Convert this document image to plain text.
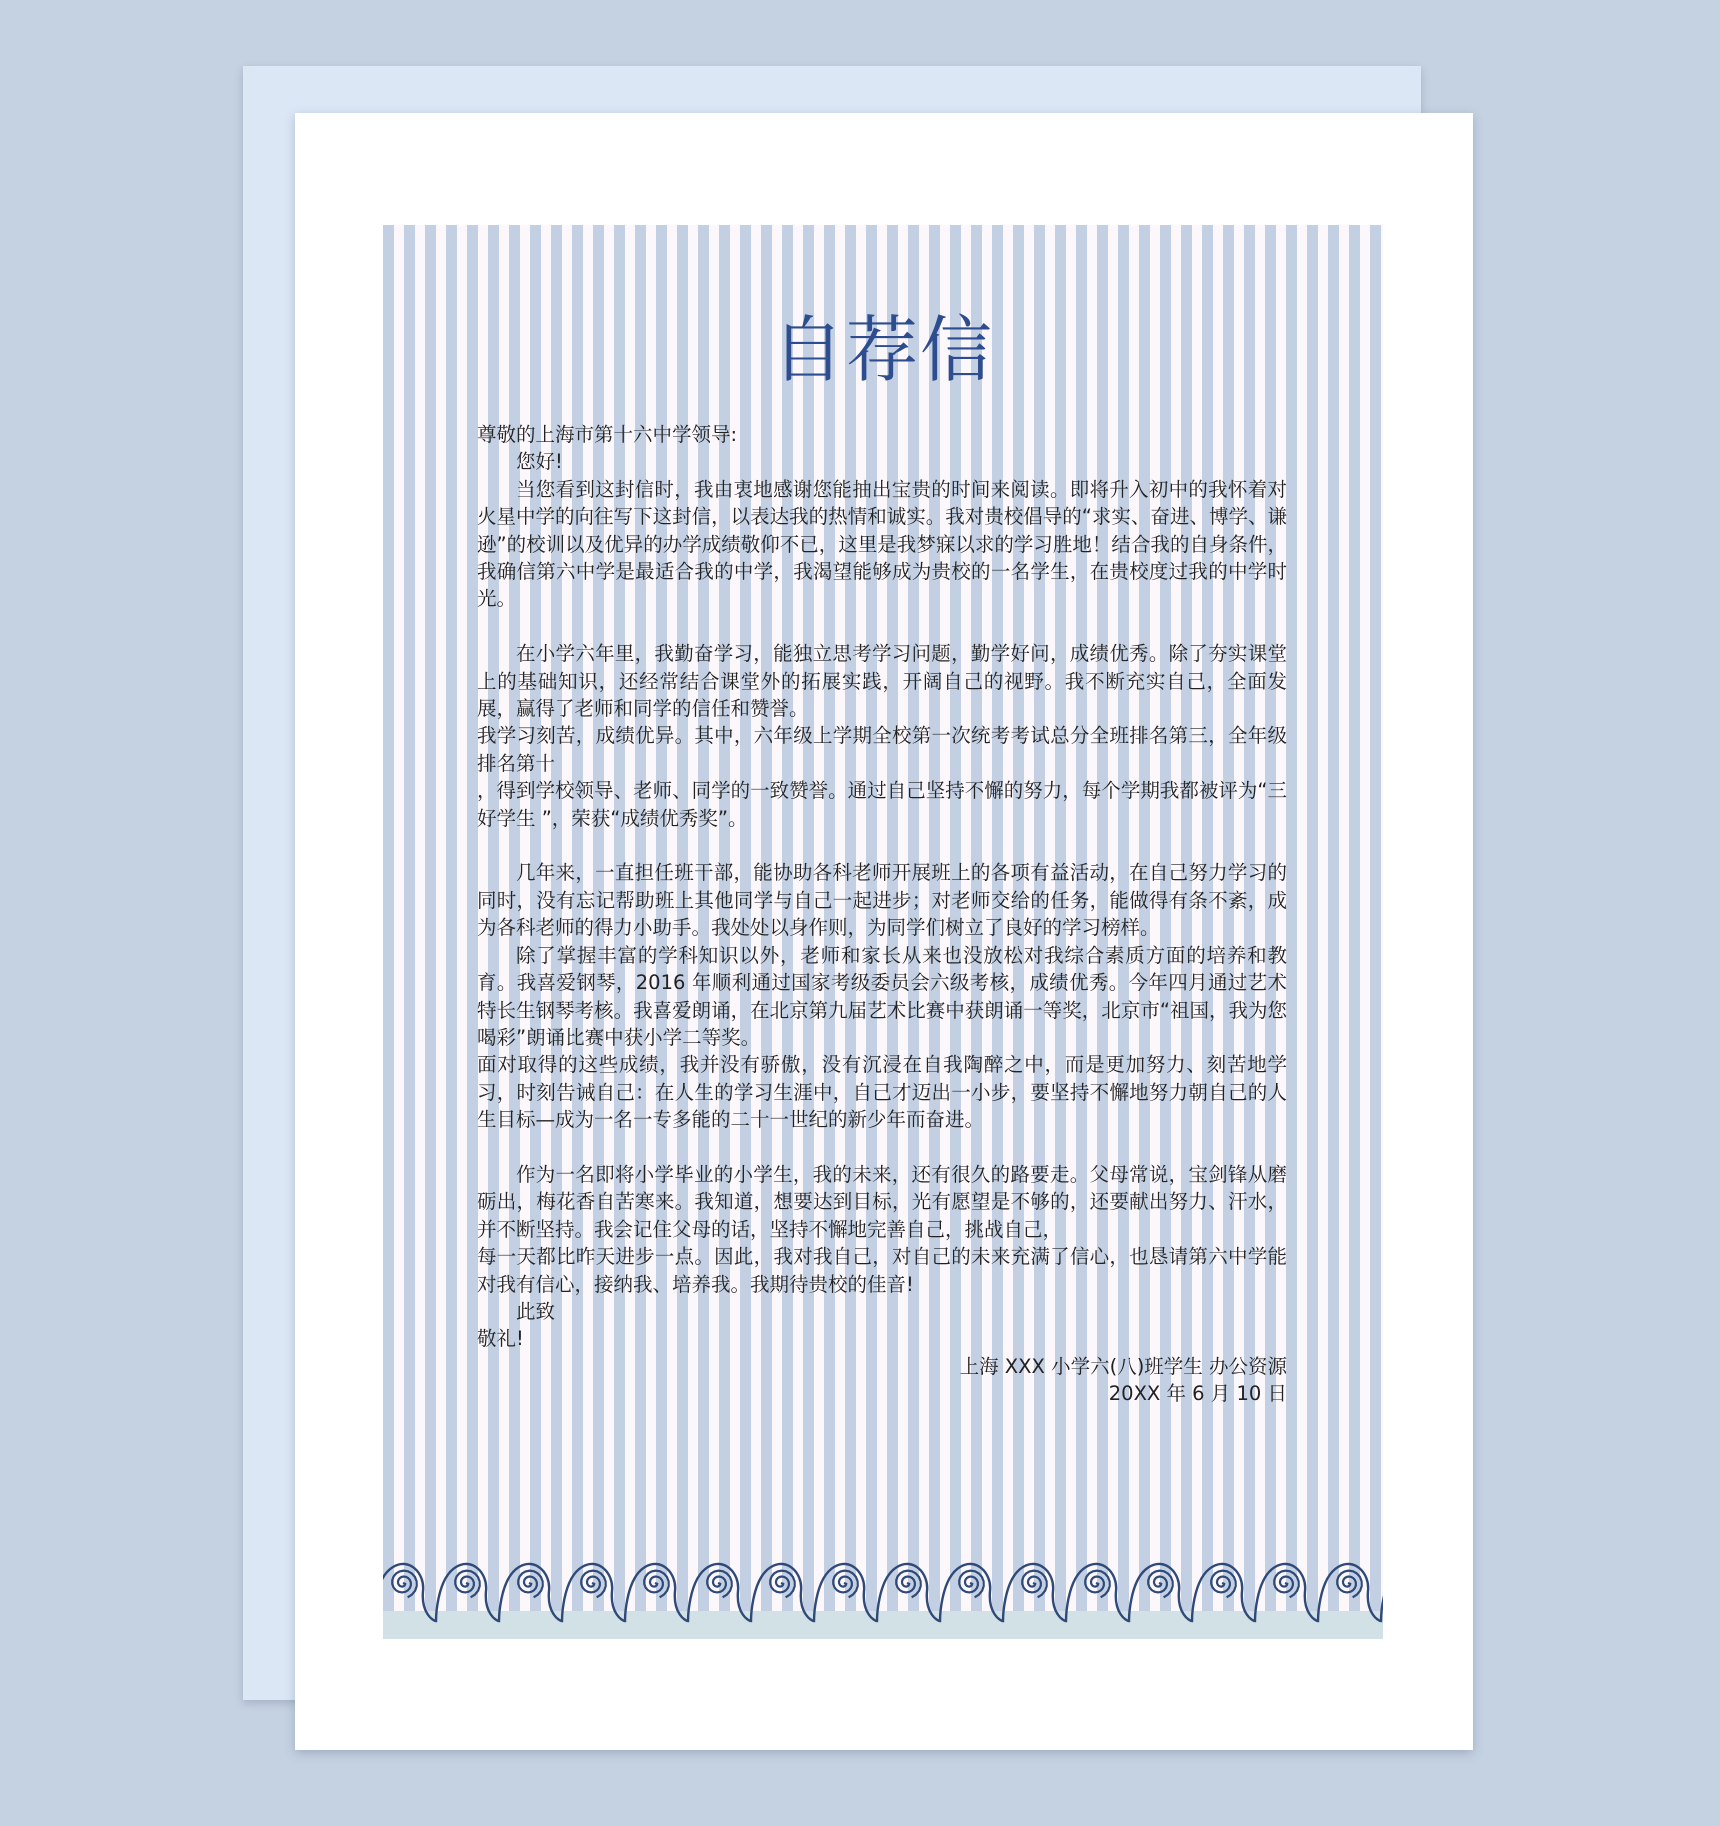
自荐信

尊敬的上海市第十六中学领导:

您好!

当您看到这封信时，我由衷地感谢您能抽出宝贵的时间来阅读。即将升入初中的我怀着对火星中学的向往写下这封信，以表达我的热情和诚实。我对贵校倡导的“求实、奋进、博学、谦逊”的校训以及优异的办学成绩敬仰不已，这里是我梦寐以求的学习胜地！结合我的自身条件，我确信第六中学是最适合我的中学，我渴望能够成为贵校的一名学生，在贵校度过我的中学时光。

在小学六年里，我勤奋学习，能独立思考学习问题，勤学好问，成绩优秀。除了夯实课堂上的基础知识，还经常结合课堂外的拓展实践，开阔自己的视野。我不断充实自己，全面发展，赢得了老师和同学的信任和赞誉。

我学习刻苦，成绩优异。其中，六年级上学期全校第一次统考考试总分全班排名第三，全年级排名第十

，得到学校领导、老师、同学的一致赞誉。通过自己坚持不懈的努力，每个学期我都被评为“三好学生 ”，荣获“成绩优秀奖”。

几年来，一直担任班干部，能协助各科老师开展班上的各项有益活动，在自己努力学习的同时，没有忘记帮助班上其他同学与自己一起进步；对老师交给的任务，能做得有条不紊，成为各科老师的得力小助手。我处处以身作则，为同学们树立了良好的学习榜样。

除了掌握丰富的学科知识以外，老师和家长从来也没放松对我综合素质方面的培养和教育。我喜爱钢琴，2016 年顺利通过国家考级委员会六级考核，成绩优秀。今年四月通过艺术特长生钢琴考核。我喜爱朗诵，在北京第九届艺术比赛中获朗诵一等奖，北京市“祖国，我为您喝彩”朗诵比赛中获小学二等奖。

面对取得的这些成绩，我并没有骄傲，没有沉浸在自我陶醉之中，而是更加努力、刻苦地学习，时刻告诫自己：在人生的学习生涯中，自己才迈出一小步，要坚持不懈地努力朝自己的人生目标—成为一名一专多能的二十一世纪的新少年而奋进。

作为一名即将小学毕业的小学生，我的未来，还有很久的路要走。父母常说，宝剑锋从磨砺出，梅花香自苦寒来。我知道，想要达到目标，光有愿望是不够的，还要献出努力、汗水，并不断坚持。我会记住父母的话，坚持不懈地完善自己，挑战自己，

每一天都比昨天进步一点。因此，我对我自己，对自己的未来充满了信心，也恳请第六中学能对我有信心，接纳我、培养我。我期待贵校的佳音!

此致

敬礼!

上海 XXX 小学六(八)班学生 办公资源

20XX 年 6 月 10 日
